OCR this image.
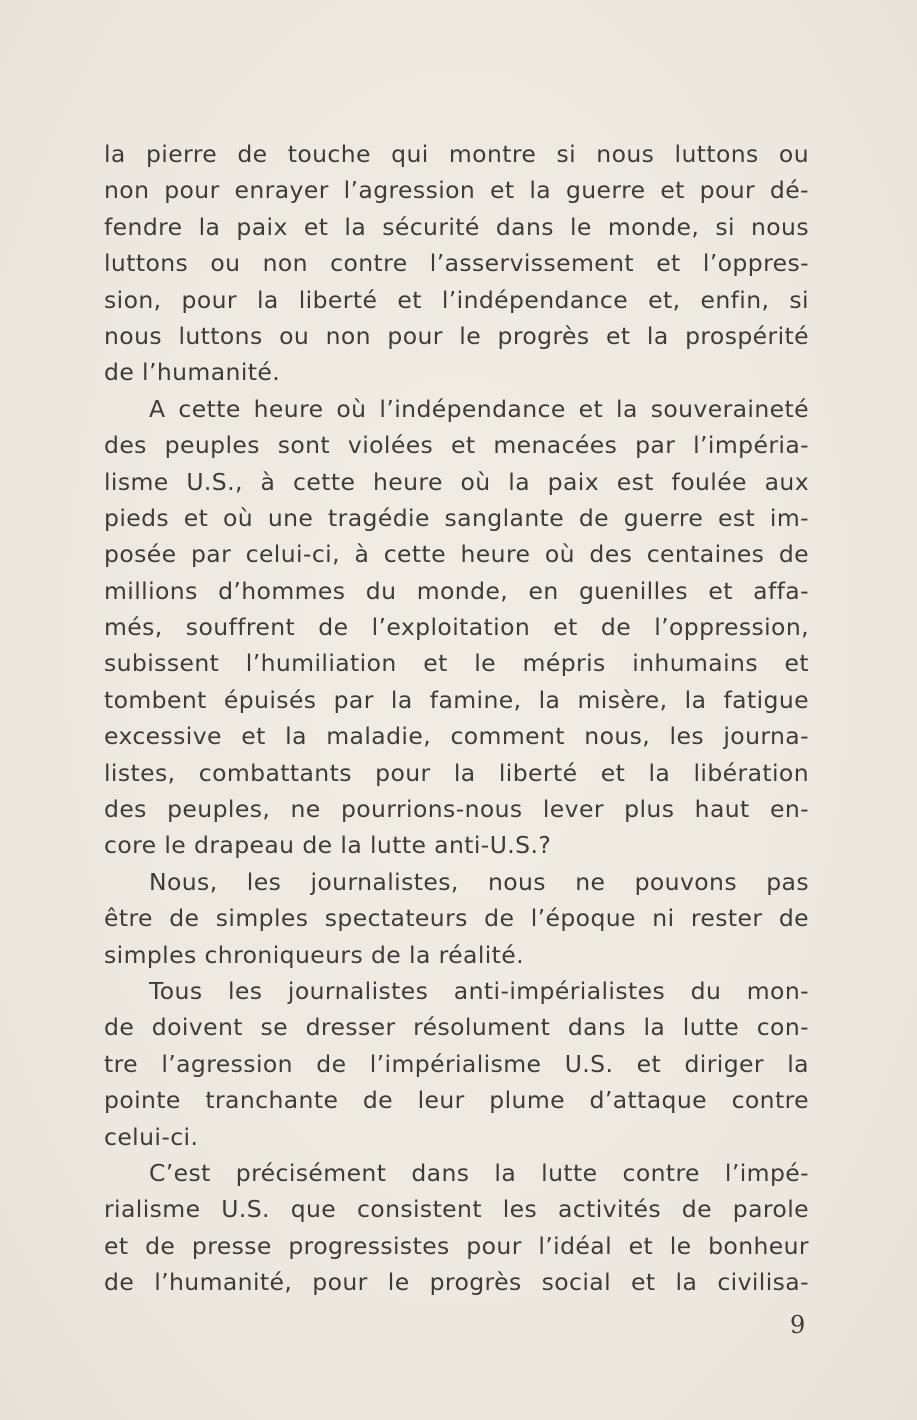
la pierre de touche qui montre si nous luttons ou
non pour enrayer l’agression et la guerre et pour dé-
fendre la paix et la sécurité dans le monde, si nous
luttons ou non contre l’asservissement et l’oppres-
sion, pour la liberté et l’indépendance et, enfin, si
nous luttons ou non pour le progrès et la prospérité
de l’humanité.
A cette heure où l’indépendance et la souveraineté
des peuples sont violées et menacées par l’impéria-
lisme U.S., à cette heure où la paix est foulée aux
pieds et où une tragédie sanglante de guerre est im-
posée par celui-ci, à cette heure où des centaines de
millions d’hommes du monde, en guenilles et affa-
més, souffrent de l’exploitation et de l’oppression,
subissent l’humiliation et le mépris inhumains et
tombent épuisés par la famine, la misère, la fatigue
excessive et la maladie, comment nous, les journa-
listes, combattants pour la liberté et la libération
des peuples, ne pourrions-nous lever plus haut en-
core le drapeau de la lutte anti-U.S.?
Nous, les journalistes, nous ne pouvons pas
être de simples spectateurs de l’époque ni rester de
simples chroniqueurs de la réalité.
Tous les journalistes anti-impérialistes du mon-
de doivent se dresser résolument dans la lutte con-
tre l’agression de l’impérialisme U.S. et diriger la
pointe tranchante de leur plume d’attaque contre
celui-ci.
C’est précisément dans la lutte contre l’impé-
rialisme U.S. que consistent les activités de parole
et de presse progressistes pour l’idéal et le bonheur
de l’humanité, pour le progrès social et la civilisa-
9
